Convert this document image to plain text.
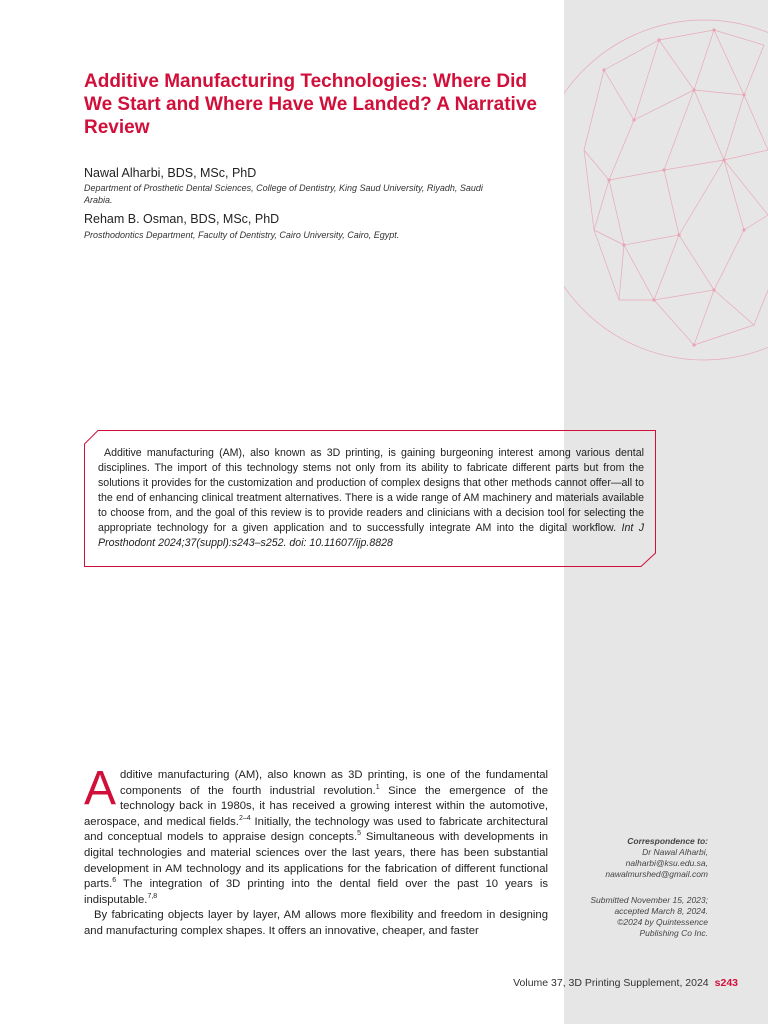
Additive Manufacturing Technologies: Where Did We Start and Where Have We Landed? A Narrative Review

Nawal Alharbi, BDS, MSc, PhD

Department of Prosthetic Dental Sciences, College of Dentistry, King Saud University, Riyadh, Saudi Arabia.

Reham B. Osman, BDS, MSc, PhD

Prosthodontics Department, Faculty of Dentistry, Cairo University, Cairo, Egypt.

Additive manufacturing (AM), also known as 3D printing, is gaining burgeoning interest among various dental disciplines. The import of this technology stems not only from its ability to fabricate different parts but from the solutions it provides for the customization and production of complex designs that other methods cannot offer—all to the end of enhancing clinical treatment alternatives. There is a wide range of AM machinery and materials available to choose from, and the goal of this review is to provide readers and clinicians with a decision tool for selecting the appropriate technology for a given application and to successfully integrate AM into the digital workflow. Int J Prosthodont 2024;37(suppl):s243–s252. doi: 10.11607/ijp.8828

Additive manufacturing (AM), also known as 3D printing, is one of the fundamental components of the fourth industrial revolution.$^1$ Since the emergence of the technology back in 1980s, it has received a growing interest within the automotive, aerospace, and medical fields.$^{2-4}$ Initially, the technology was used to fabricate architectural and conceptual models to appraise design concepts.$^5$ Simultaneous with developments in digital technologies and material sciences over the last years, there has been substantial development in AM technology and its applications for the fabrication of different functional parts.$^6$ The integration of 3D printing into the dental field over the past 10 years is indisputable.$^{7,8}$

By fabricating objects layer by layer, AM allows more flexibility and freedom in designing and manufacturing complex shapes. It offers an innovative, cheaper, and faster

Correspondence to:
Dr Nawal Alharbi,
nalharbi@ksu.edu.sa,
nawalmurshed@gmail.com
Submitted November 15, 2023;
accepted March 8, 2024.
©2024 by Quintessence
Publishing Co Inc.
Volume 37, 3D Printing Supplement, 2024 s243
